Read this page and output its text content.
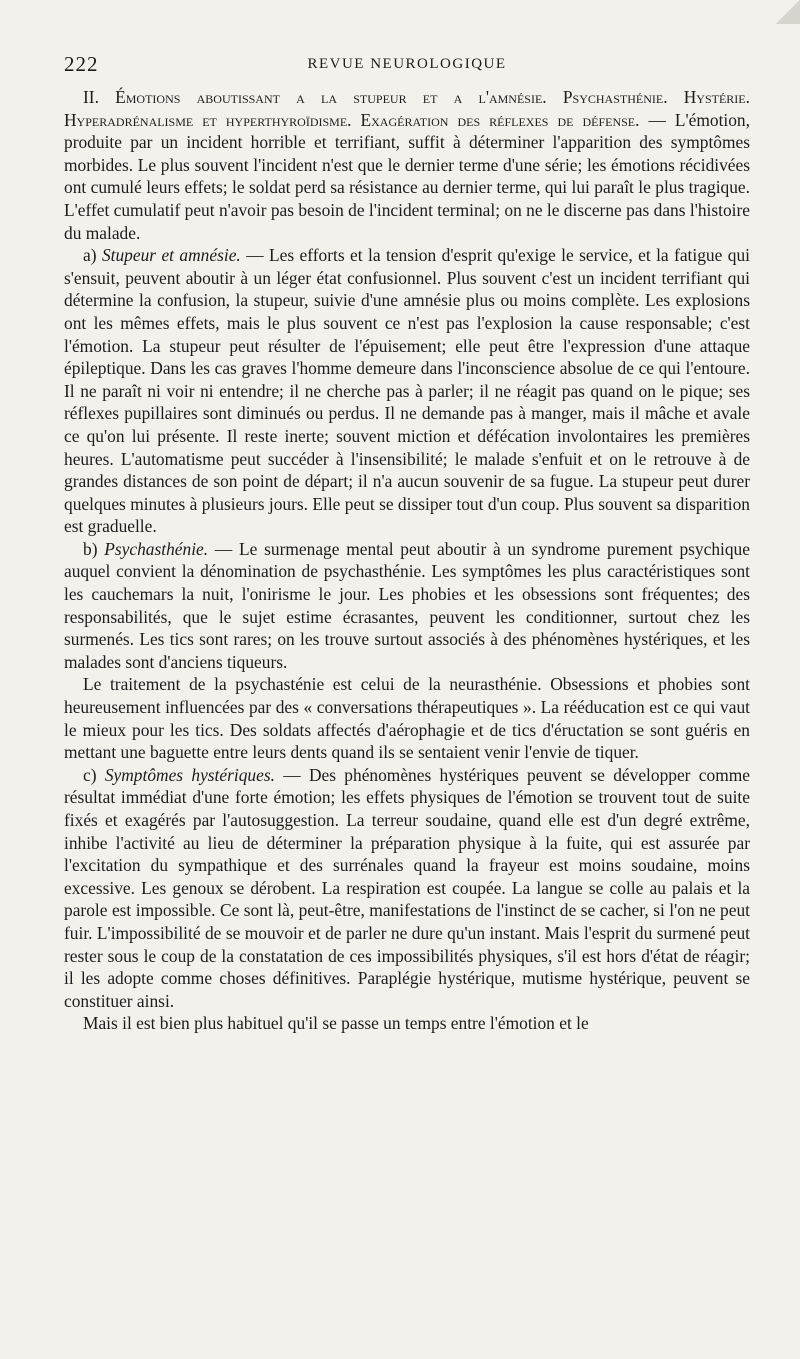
222	REVUE NEUROLOGIQUE

II. Émotions aboutissant a la stupeur et a l'amnésie. Psychasthénie. Hystérie. Hyperadrénalisme et hyperthyroïdisme. Exagération des réflexes de défense. — L'émotion, produite par un incident horrible et terrifiant, suffit à déterminer l'apparition des symptômes morbides. Le plus souvent l'incident n'est que le dernier terme d'une série; les émotions récidivées ont cumulé leurs effets; le soldat perd sa résistance au dernier terme, qui lui paraît le plus tragique. L'effet cumulatif peut n'avoir pas besoin de l'incident terminal; on ne le discerne pas dans l'histoire du malade.

a) Stupeur et amnésie. — Les efforts et la tension d'esprit qu'exige le service, et la fatigue qui s'ensuit, peuvent aboutir à un léger état confusionnel. Plus souvent c'est un incident terrifiant qui détermine la confusion, la stupeur, suivie d'une amnésie plus ou moins complète. Les explosions ont les mêmes effets, mais le plus souvent ce n'est pas l'explosion la cause responsable; c'est l'émotion. La stupeur peut résulter de l'épuisement; elle peut être l'expression d'une attaque épileptique. Dans les cas graves l'homme demeure dans l'inconscience absolue de ce qui l'entoure. Il ne paraît ni voir ni entendre; il ne cherche pas à parler; il ne réagit pas quand on le pique; ses réflexes pupillaires sont diminués ou perdus. Il ne demande pas à manger, mais il mâche et avale ce qu'on lui présente. Il reste inerte; souvent miction et défécation involontaires les premières heures. L'automatisme peut succéder à l'insensibilité; le malade s'enfuit et on le retrouve à de grandes distances de son point de départ; il n'a aucun souvenir de sa fugue. La stupeur peut durer quelques minutes à plusieurs jours. Elle peut se dissiper tout d'un coup. Plus souvent sa disparition est graduelle.

b) Psychasthénie. — Le surmenage mental peut aboutir à un syndrome purement psychique auquel convient la dénomination de psychasthénie. Les symptômes les plus caractéristiques sont les cauchemars la nuit, l'onirisme le jour. Les phobies et les obsessions sont fréquentes; des responsabilités, que le sujet estime écrasantes, peuvent les conditionner, surtout chez les surmenés. Les tics sont rares; on les trouve surtout associés à des phénomènes hystériques, et les malades sont d'anciens tiqueurs.

Le traitement de la psychasténie est celui de la neurasthénie. Obsessions et phobies sont heureusement influencées par des « conversations thérapeutiques ». La rééducation est ce qui vaut le mieux pour les tics. Des soldats affectés d'aérophagie et de tics d'éructation se sont guéris en mettant une baguette entre leurs dents quand ils se sentaient venir l'envie de tiquer.

c) Symptômes hystériques. — Des phénomènes hystériques peuvent se développer comme résultat immédiat d'une forte émotion; les effets physiques de l'émotion se trouvent tout de suite fixés et exagérés par l'autosuggestion. La terreur soudaine, quand elle est d'un degré extrême, inhibe l'activité au lieu de déterminer la préparation physique à la fuite, qui est assurée par l'excitation du sympathique et des surrénales quand la frayeur est moins soudaine, moins excessive. Les genoux se dérobent. La respiration est coupée. La langue se colle au palais et la parole est impossible. Ce sont là, peut-être, manifestations de l'instinct de se cacher, si l'on ne peut fuir. L'impossibilité de se mouvoir et de parler ne dure qu'un instant. Mais l'esprit du surmené peut rester sous le coup de la constatation de ces impossibilités physiques, s'il est hors d'état de réagir; il les adopte comme choses définitives. Paraplégie hystérique, mutisme hystérique, peuvent se constituer ainsi.

Mais il est bien plus habituel qu'il se passe un temps entre l'émotion et le
